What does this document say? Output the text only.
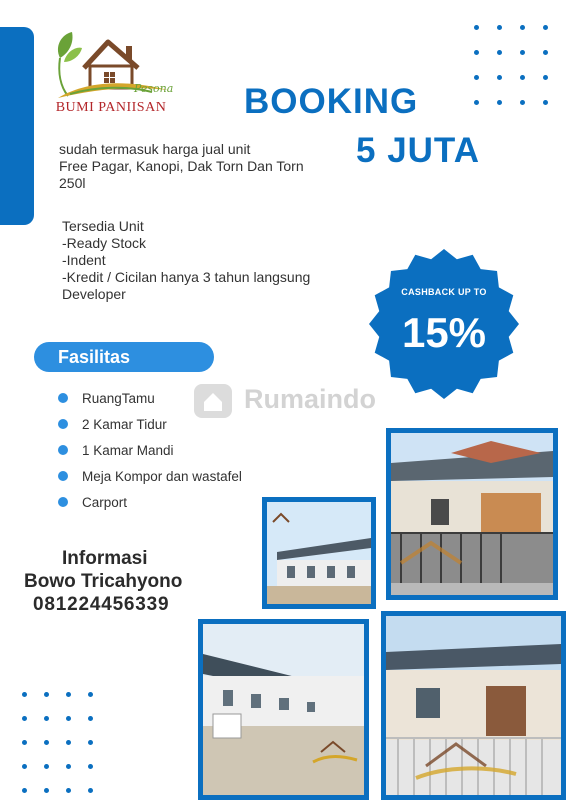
Pesona
BUMI PANIISAN BOOKING
5 JUTA
sudah termasuk harga jual unit
Free Pagar, Kanopi, Dak Torn Dan Torn
250l
Tersedia Unit
-Ready Stock
-Indent
-Kredit / Cicilan hanya 3 tahun langsung
Developer	CASHBACK UP TO
15%
Fasilitas
RuangTamu
2 Kamar Tidur
1 Kamar Mandi
Meja Kompor dan wastafel
Carport
Rumaindo
Informasi
Bowo Tricahyono
081224456339
